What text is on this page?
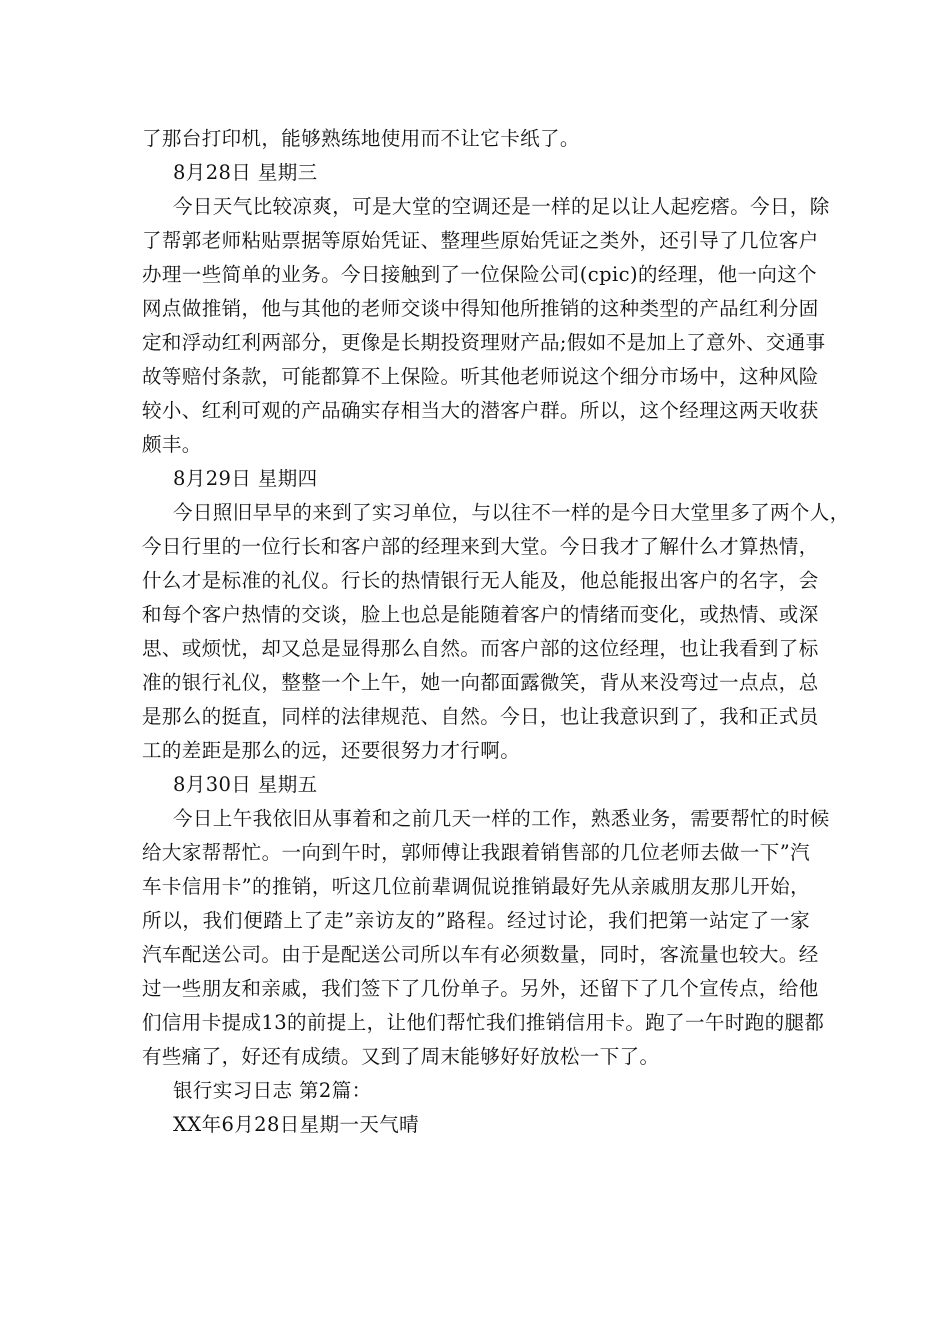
了那台打印机，能够熟练地使用而不让它卡纸了。
8月28日 星期三
今日天气比较凉爽，可是大堂的空调还是一样的足以让人起疙瘩。今日，除
了帮郭老师粘贴票据等原始凭证、整理些原始凭证之类外，还引导了几位客户
办理一些简单的业务。今日接触到了一位保险公司(cpic)的经理，他一向这个
网点做推销，他与其他的老师交谈中得知他所推销的这种类型的产品红利分固
定和浮动红利两部分，更像是长期投资理财产品;假如不是加上了意外、交通事
故等赔付条款，可能都算不上保险。听其他老师说这个细分市场中，这种风险
较小、红利可观的产品确实存相当大的潜客户群。所以，这个经理这两天收获
颇丰。
8月29日 星期四
今日照旧早早的来到了实习单位，与以往不一样的是今日大堂里多了两个人，
今日行里的一位行长和客户部的经理来到大堂。今日我才了解什么才算热情，
什么才是标准的礼仪。行长的热情银行无人能及，他总能报出客户的名字，会
和每个客户热情的交谈，脸上也总是能随着客户的情绪而变化，或热情、或深
思、或烦忧，却又总是显得那么自然。而客户部的这位经理，也让我看到了标
准的银行礼仪，整整一个上午，她一向都面露微笑，背从来没弯过一点点，总
是那么的挺直，同样的法律规范、自然。今日，也让我意识到了，我和正式员
工的差距是那么的远，还要很努力才行啊。
8月30日 星期五
今日上午我依旧从事着和之前几天一样的工作，熟悉业务，需要帮忙的时候
给大家帮帮忙。一向到午时，郭师傅让我跟着销售部的几位老师去做一下”汽
车卡信用卡”的推销，听这几位前辈调侃说推销最好先从亲戚朋友那儿开始，
所以，我们便踏上了走”亲访友的”路程。经过讨论，我们把第一站定了一家
汽车配送公司。由于是配送公司所以车有必须数量，同时，客流量也较大。经
过一些朋友和亲戚，我们签下了几份单子。另外，还留下了几个宣传点，给他
们信用卡提成13的前提上，让他们帮忙我们推销信用卡。跑了一午时跑的腿都
有些痛了，好还有成绩。又到了周末能够好好放松一下了。
银行实习日志 第2篇：
XX年6月28日星期一天气晴
